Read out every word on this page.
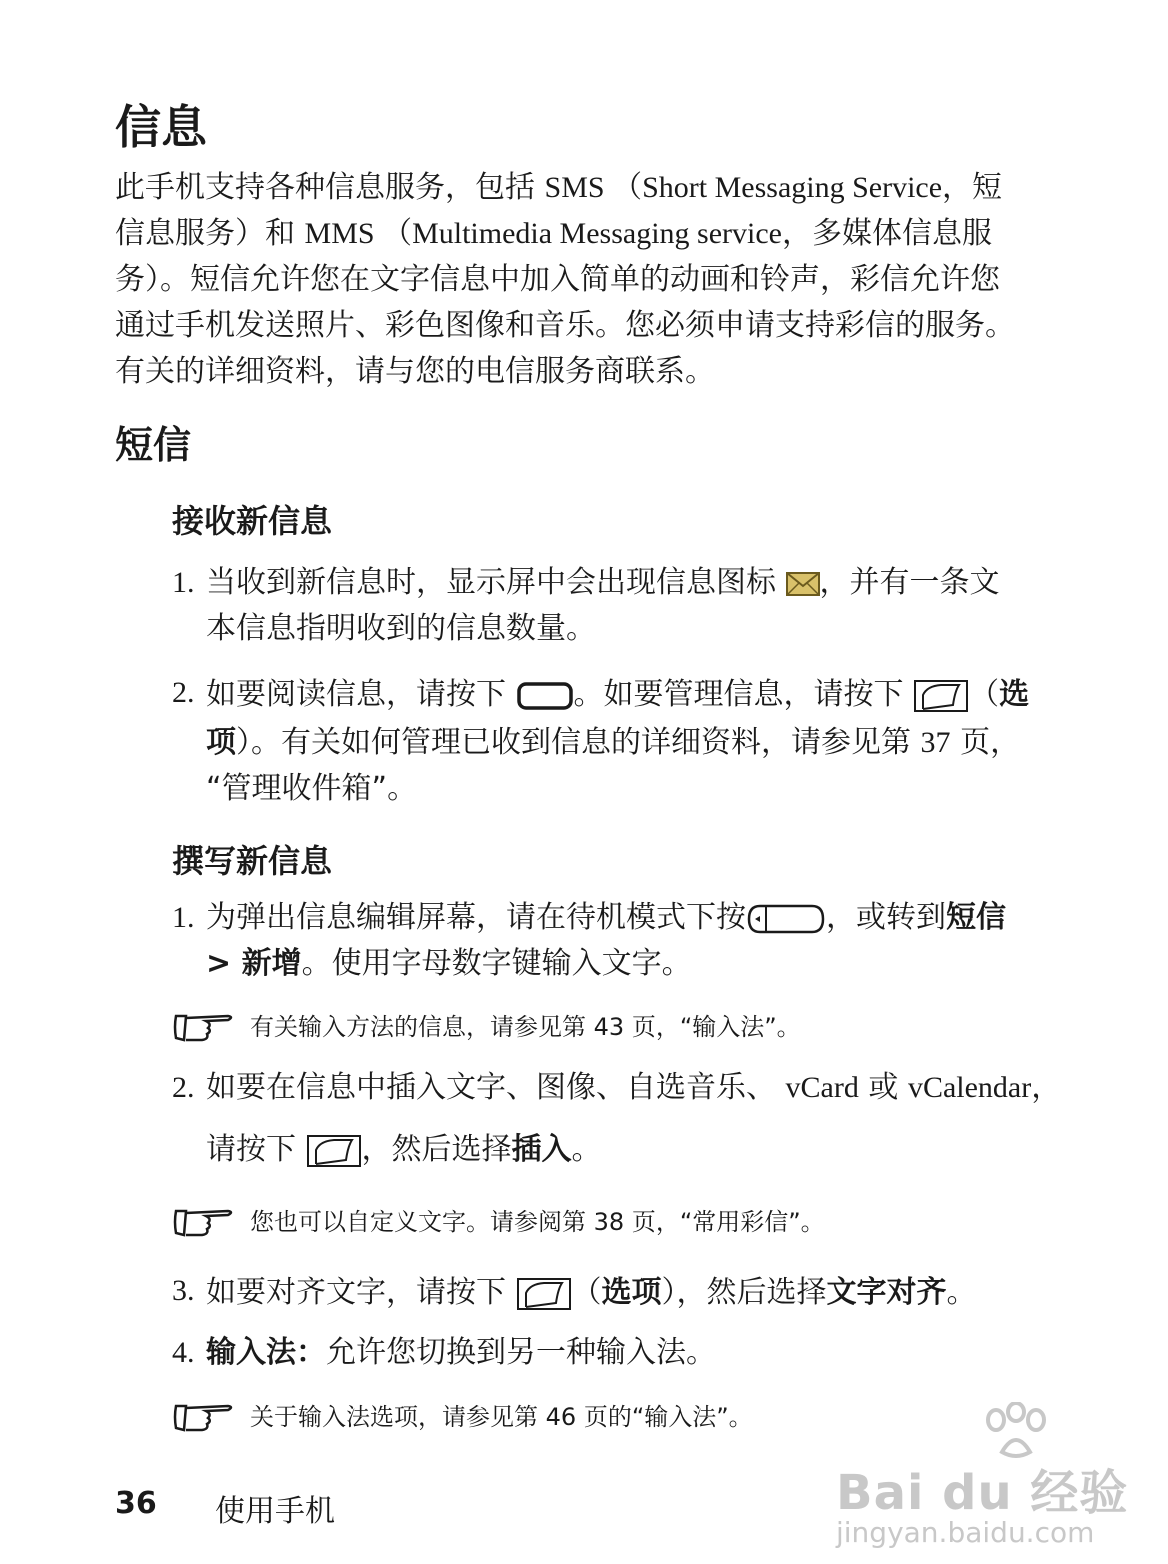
信息
此手机支持各种信息服务，包括 SMS （Short Messaging Service，短
信息服务）和 MMS （Multimedia Messaging service，多媒体信息服
务）。短信允许您在文字信息中加入简单的动画和铃声，彩信允许您
通过手机发送照片、彩色图像和音乐。您必须申请支持彩信的服务。
有关的详细资料，请与您的电信服务商联系。
短信
接收新信息
1. 当收到新信息时，显示屏中会出现信息图标 ，并有一条文
本信息指明收到的信息数量。
2. 如要阅读信息，请按下 。如要管理信息，请按下 （选
项）。有关如何管理已收到信息的详细资料，请参见第 37 页，
“管理收件箱”。
撰写新信息
1. 为弹出信息编辑屏幕，请在待机模式下按	，或转到短信
> 新增。使用字母数字键输入文字。
有关输入方法的信息，请参见第 43 页，“输入法”。
2. 如要在信息中插入文字、图像、自选音乐、 vCard 或 vCalendar，
请按下 ，然后选择插入。
您也可以自定义文字。请参阅第 38 页，“常用彩信”。
3. 如要对齐文字，请按下 （选项），然后选择文字对齐。
4. 输入法：允许您切换到另一种输入法。
关于输入法选项，请参见第 46 页的“输入法”。
36 使用手机	Bai du 经验
jingyan.baidu.com
